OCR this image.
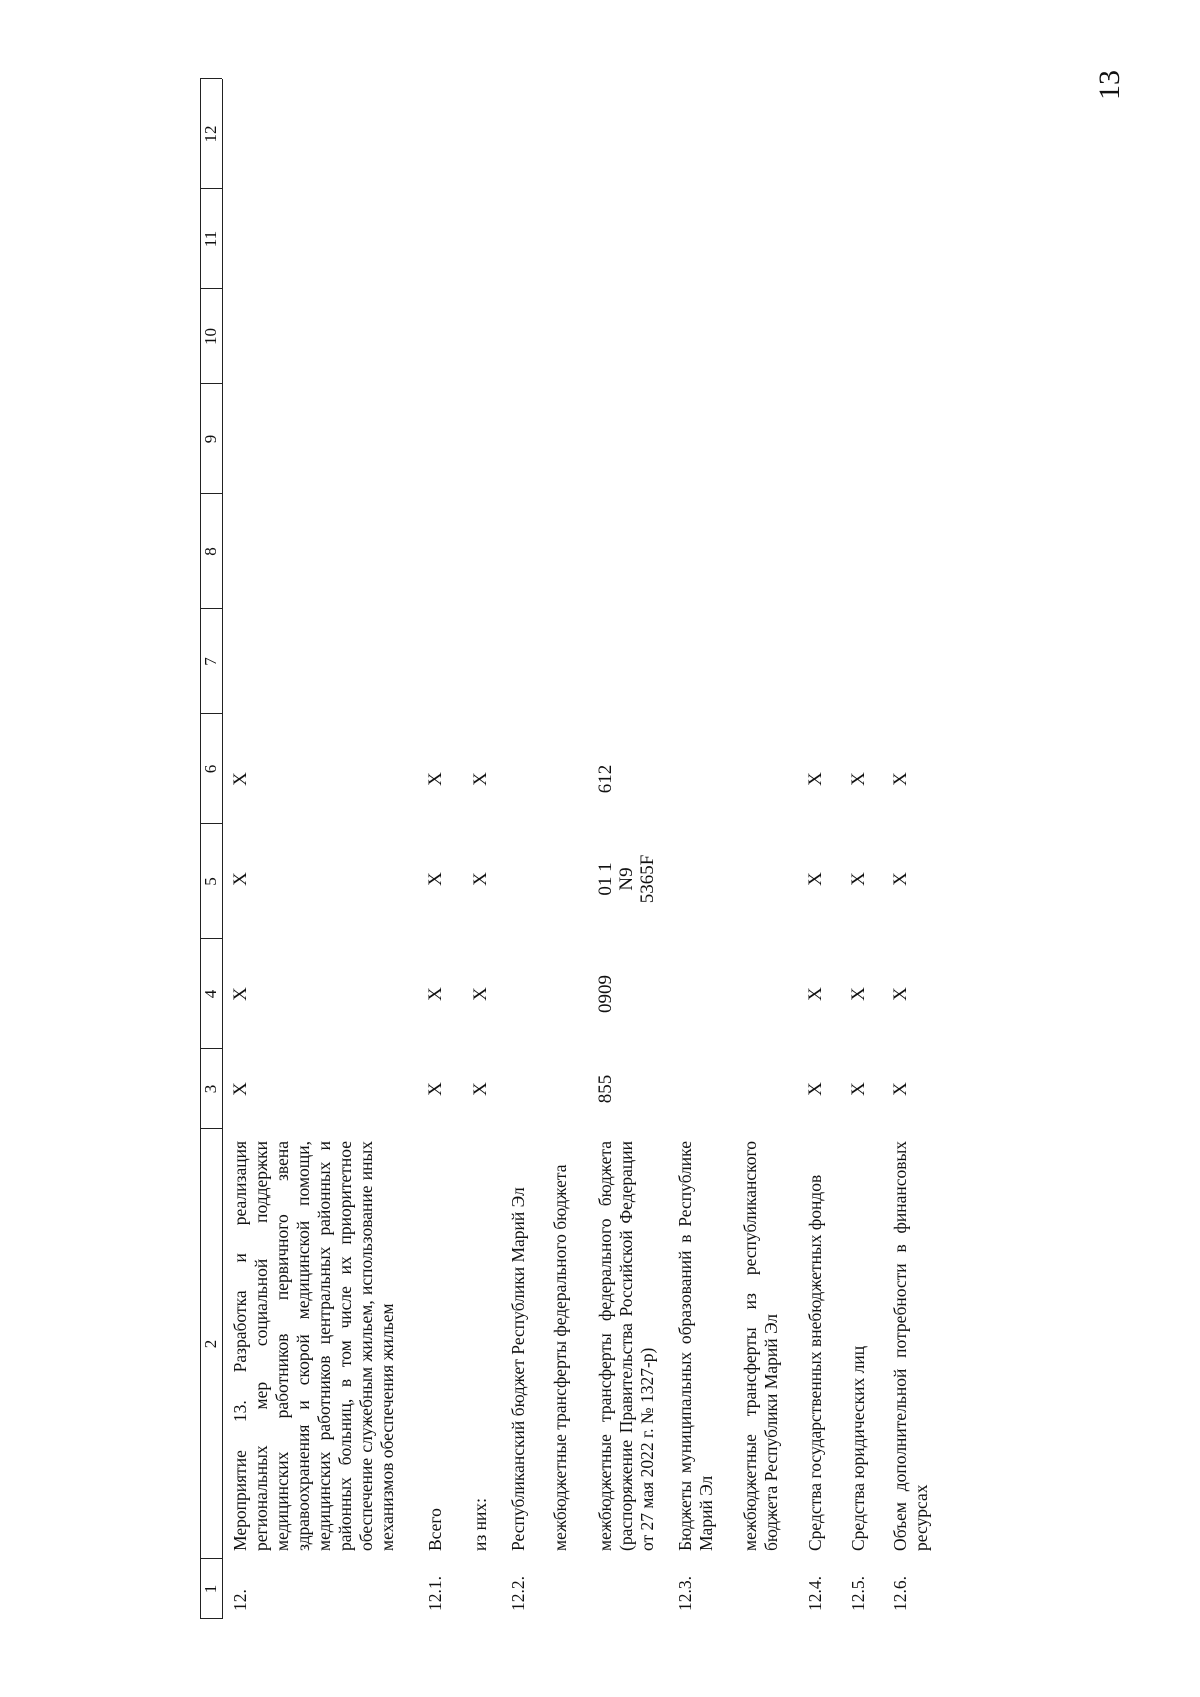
13
1
2
3
4
5
6
7
8
9
10
11
12
12.
Мероприятие 13. Разработка и реализация региональных мер социальной поддержки медицинских работников первичного звена здравоохранения и скорой медицинской помощи, медицинских работников центральных районных и районных больниц, в том числе их приоритетное обеспечение служебным жильем, использование иных механизмов обеспечения жильем
X
X
X
X
12.1.
Всего
X
X
X
X
из них:
X
X
X
X
12.2.
Республиканский бюджет Республики Марий Эл межбюджетные трансферты федерального бюджета межбюджетные трансферты федерального бюджета (распоряжение Правительства Российской Федерации от 27 мая 2022 г. № 1327-р)
855
0909
01 1 N9 5365F
612
12.3.
Бюджеты муниципальных образований в Республике Марий Эл межбюджетные трансферты из республиканского бюджета Республики Марий Эл
12.4.
Средства государственных внебюджетных фондов
X
X
X
X
12.5.
Средства юридических лиц
X
X
X
X
12.6.
Объем дополнительной потребности в финансовых ресурсах
X
X
X
X
